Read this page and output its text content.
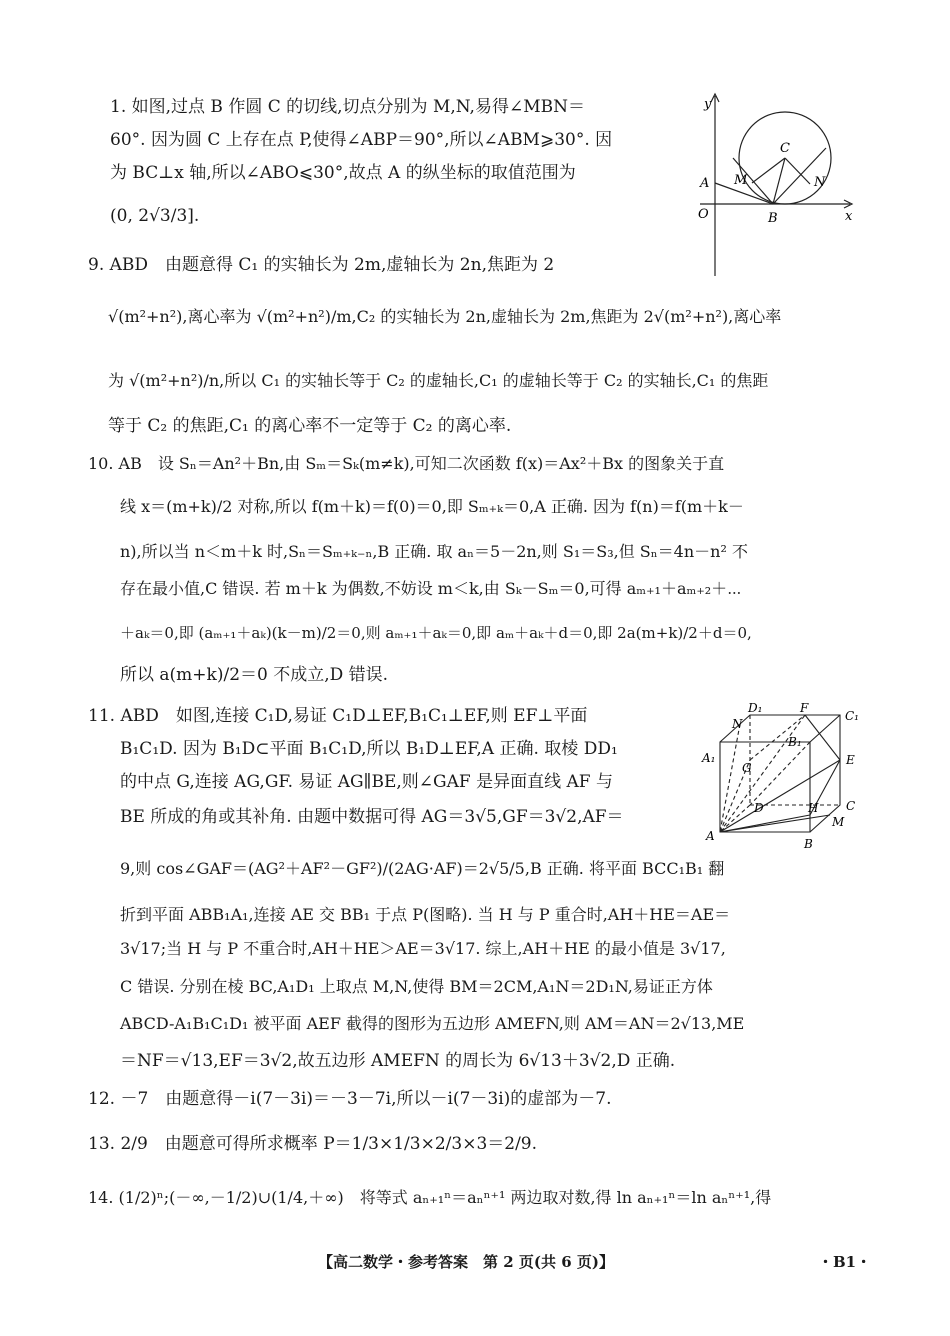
1. 如图,过点 B 作圆 C 的切线,切点分别为 M,N,易得∠MBN＝
60°. 因为圆 C 上存在点 P,使得∠ABP＝90°,所以∠ABM⩾30°. 因
为 BC⊥x 轴,所以∠ABO⩽30°,故点 A 的纵坐标的取值范围为
(0, 2√3/3].
9. ABD　由题意得 C₁ 的实轴长为 2m,虚轴长为 2n,焦距为 2
√(m²+n²),离心率为 √(m²+n²)/m,C₂ 的实轴长为 2n,虚轴长为 2m,焦距为 2√(m²+n²),离心率
为 √(m²+n²)/n,所以 C₁ 的实轴长等于 C₂ 的虚轴长,C₁ 的虚轴长等于 C₂ 的实轴长,C₁ 的焦距
等于 C₂ 的焦距,C₁ 的离心率不一定等于 C₂ 的离心率.
10. AB　设 Sₙ＝An²＋Bn,由 Sₘ＝Sₖ(m≠k),可知二次函数 f(x)＝Ax²＋Bx 的图象关于直
线 x＝(m+k)/2 对称,所以 f(m＋k)＝f(0)＝0,即 Sₘ₊ₖ＝0,A 正确. 因为 f(n)＝f(m＋k－
n),所以当 n＜m＋k 时,Sₙ＝Sₘ₊ₖ₋ₙ,B 正确. 取 aₙ＝5－2n,则 S₁＝S₃,但 Sₙ＝4n－n² 不
存在最小值,C 错误. 若 m＋k 为偶数,不妨设 m＜k,由 Sₖ－Sₘ＝0,可得 aₘ₊₁＋aₘ₊₂＋⋯
＋aₖ＝0,即 (aₘ₊₁＋aₖ)(k－m)/2＝0,则 aₘ₊₁＋aₖ＝0,即 aₘ＋aₖ＋d＝0,即 2a(m+k)/2＋d＝0,
所以 a(m+k)/2＝0 不成立,D 错误.
11. ABD　如图,连接 C₁D,易证 C₁D⊥EF,B₁C₁⊥EF,则 EF⊥平面
B₁C₁D. 因为 B₁D⊂平面 B₁C₁D,所以 B₁D⊥EF,A 正确. 取棱 DD₁
的中点 G,连接 AG,GF. 易证 AG∥BE,则∠GAF 是异面直线 AF 与
BE 所成的角或其补角. 由题中数据可得 AG＝3√5,GF＝3√2,AF＝
9,则 cos∠GAF＝(AG²＋AF²－GF²)/(2AG·AF)＝2√5/5,B 正确. 将平面 BCC₁B₁ 翻
折到平面 ABB₁A₁,连接 AE 交 BB₁ 于点 P(图略). 当 H 与 P 重合时,AH＋HE＝AE＝
3√17;当 H 与 P 不重合时,AH＋HE＞AE＝3√17. 综上,AH＋HE 的最小值是 3√17,
C 错误. 分别在棱 BC,A₁D₁ 上取点 M,N,使得 BM＝2CM,A₁N＝2D₁N,易证正方体
ABCD-A₁B₁C₁D₁ 被平面 AEF 截得的图形为五边形 AMEFN,则 AM＝AN＝2√13,ME
＝NF＝√13,EF＝3√2,故五边形 AMEFN 的周长为 6√13＋3√2,D 正确.
12. －7　由题意得－i(7－3i)＝－3－7i,所以－i(7－3i)的虚部为－7.
13. 2/9　由题意可得所求概率 P＝1/3×1/3×2/3×3＝2/9.
14. (1/2)ⁿ;(－∞,－1/2)∪(1/4,＋∞)　将等式 aₙ₊₁ⁿ＝aₙⁿ⁺¹ 两边取对数,得 ln aₙ₊₁ⁿ＝ln aₙⁿ⁺¹,得
y
x
O
A
B
C
M	N
D₁	F
C₁
N
B₁
A₁
G
E
D	H C
M
A
B
【高二数学・参考答案　第 2 页(共 6 页)】	・B1・
